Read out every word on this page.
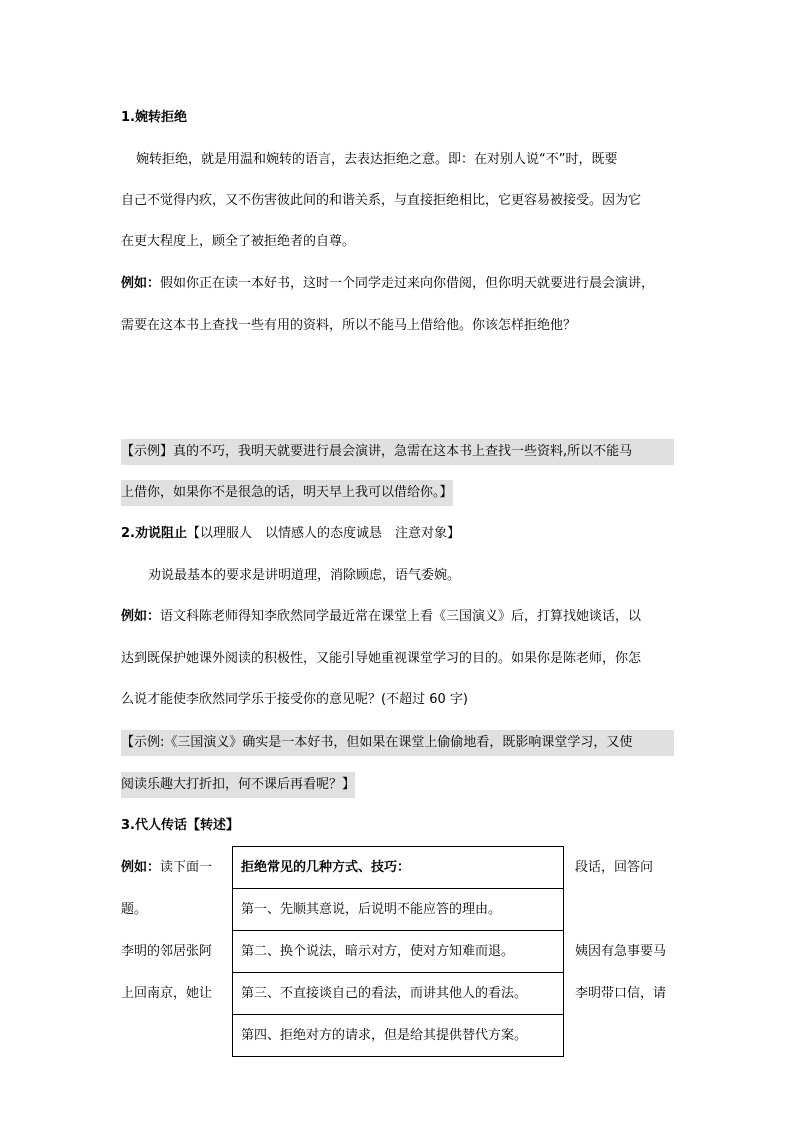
1.婉转拒绝
婉转拒绝，就是用温和婉转的语言，去表达拒绝之意。即：在对别人说“不”时，既要
自己不觉得内疚，又不伤害彼此间的和谐关系，与直接拒绝相比，它更容易被接受。因为它
在更大程度上，顾全了被拒绝者的自尊。
例如：假如你正在读一本好书，这时一个同学走过来向你借阅，但你明天就要进行晨会演讲，
需要在这本书上查找一些有用的资料，所以不能马上借给他。你该怎样拒绝他？
【示例】真的不巧，我明天就要进行晨会演讲，急需在这本书上查找一些资料,所以不能马
上借你，如果你不是很急的话，明天早上我可以借给你。】
2.劝说阻止【以理服人　以情感人的态度诚恳　注意对象】
劝说最基本的要求是讲明道理，消除顾虑，语气委婉。
例如：语文科陈老师得知李欣然同学最近常在课堂上看《三国演义》后，打算找她谈话，以
达到既保护她课外阅读的积极性，又能引导她重视课堂学习的目的。如果你是陈老师，你怎
么说才能使李欣然同学乐于接受你的意见呢？(不超过 60 字)
【示例:《三国演义》确实是一本好书，但如果在课堂上偷偷地看，既影响课堂学习，又使
阅读乐趣大打折扣，何不课后再看呢？】
3.代人传话【转述】
例如：读下面一
题。
李明的邻居张阿
上回南京，她让
段话，回答问
姨因有急事要马
李明带口信，请
拒绝常见的几种方式、技巧：
第一、先顺其意说，后说明不能应答的理由。
第二、换个说法，暗示对方，使对方知难而退。
第三、不直接谈自己的看法，而讲其他人的看法。
第四、拒绝对方的请求，但是给其提供替代方案。
